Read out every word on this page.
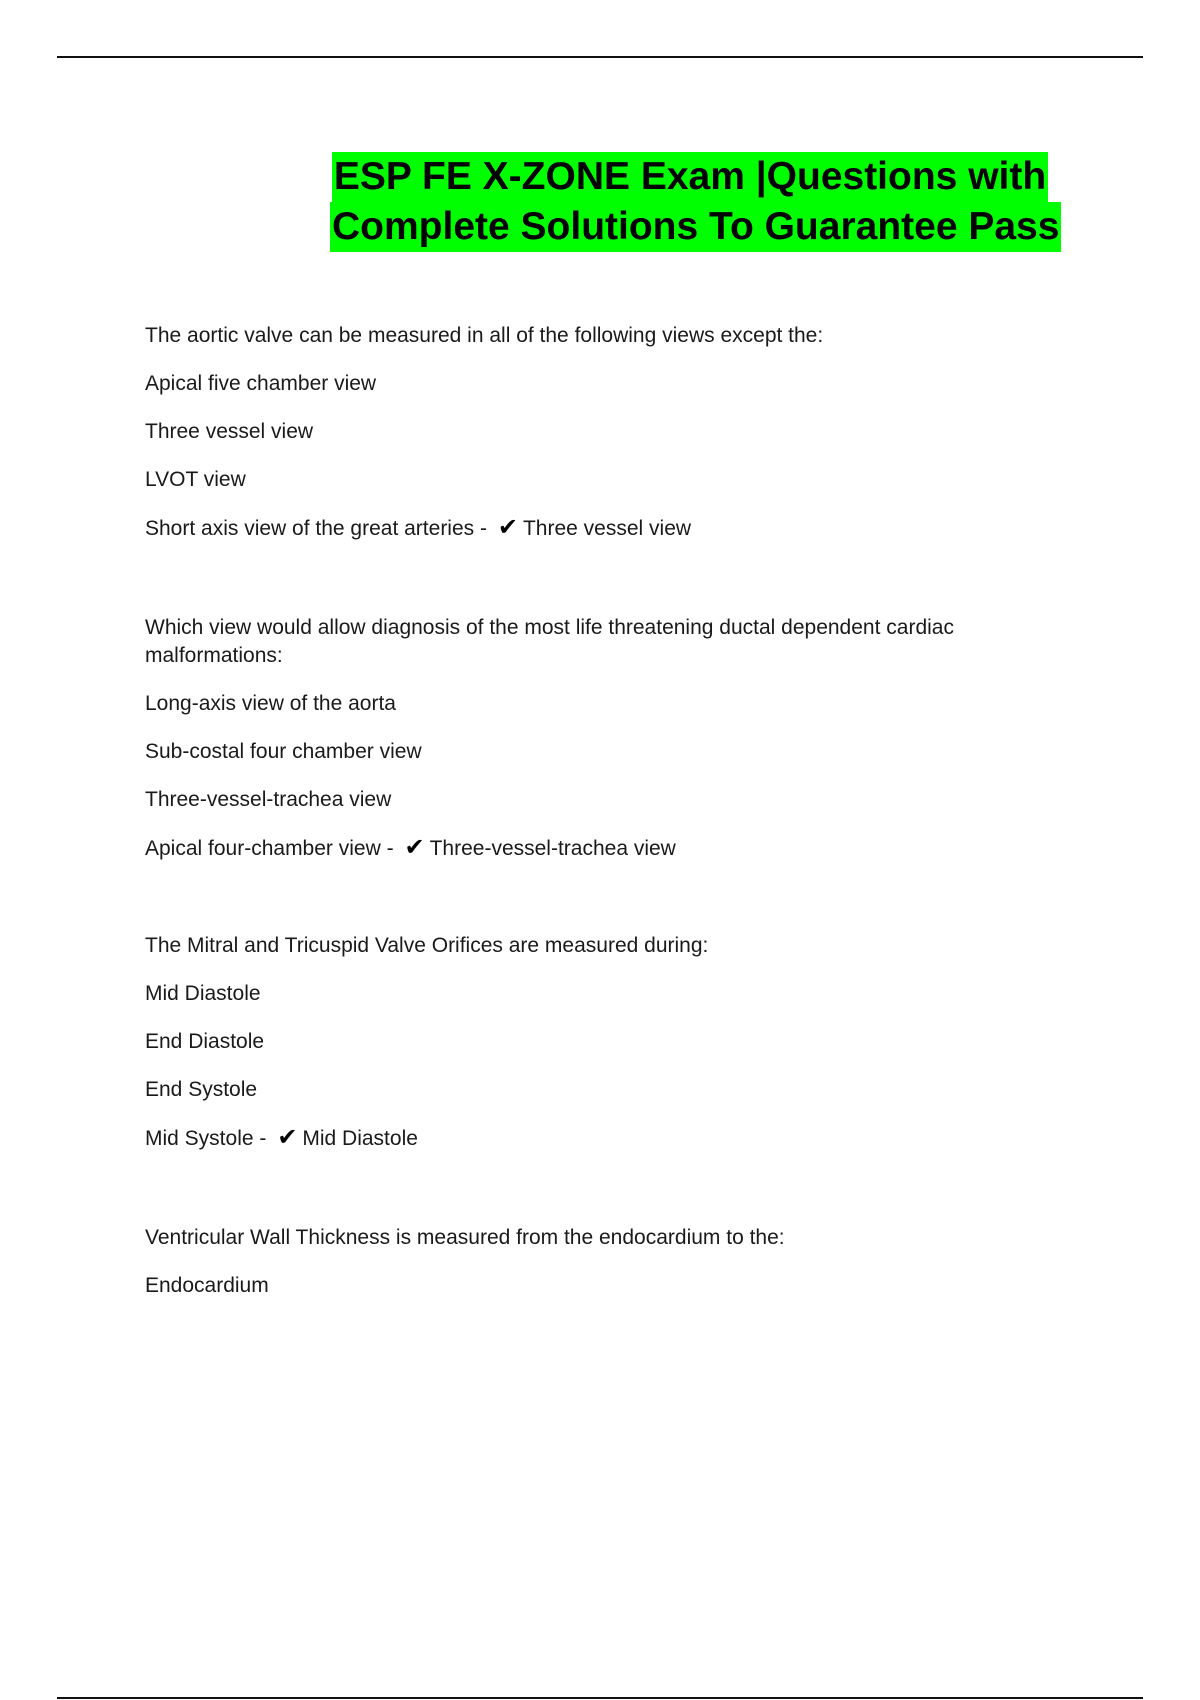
ESP FE X-ZONE Exam |Questions with
Complete Solutions To Guarantee Pass
The aortic valve can be measured in all of the following views except the:
Apical five chamber view
Three vessel view
LVOT view
Short axis view of the great arteries - ✔ Three vessel view
Which view would allow diagnosis of the most life threatening ductal dependent cardiac malformations:
Long-axis view of the aorta
Sub-costal four chamber view
Three-vessel-trachea view
Apical four-chamber view - ✔ Three-vessel-trachea view
The Mitral and Tricuspid Valve Orifices are measured during:
Mid Diastole
End Diastole
End Systole
Mid Systole - ✔ Mid Diastole
Ventricular Wall Thickness is measured from the endocardium to the:
Endocardium
